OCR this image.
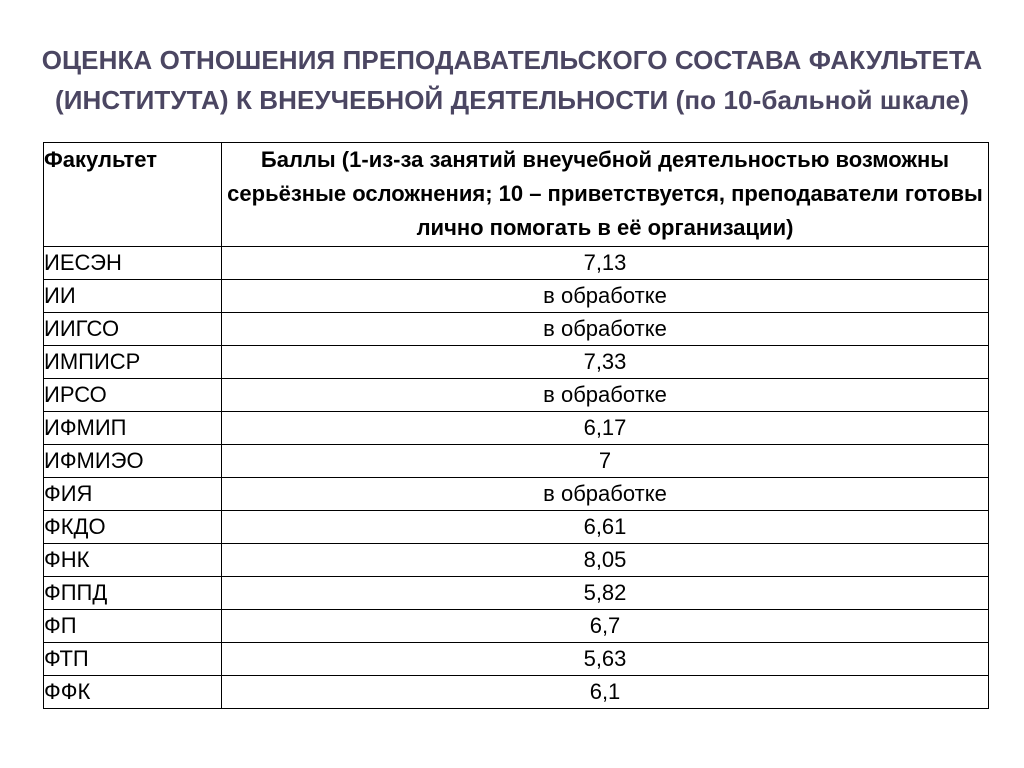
ОЦЕНКА ОТНОШЕНИЯ ПРЕПОДАВАТЕЛЬСКОГО СОСТАВА ФАКУЛЬТЕТА
(ИНСТИТУТА) К ВНЕУЧЕБНОЙ ДЕЯТЕЛЬНОСТИ (по 10-бальной шкале)
Факультет	Баллы (1-из-за занятий внеучебной деятельностью возможны серьёзные осложнения; 10 – приветствуется, преподаватели готовы лично помогать в её организации)
ИЕСЭН	7,13
ИИ	в обработке
ИИГСО	в обработке
ИМПИСР	7,33
ИРСО	в обработке
ИФМИП	6,17
ИФМИЭО	7
ФИЯ	в обработке
ФКДО	6,61
ФНК	8,05
ФППД	5,82
ФП	6,7
ФТП	5,63
ФФК	6,1
